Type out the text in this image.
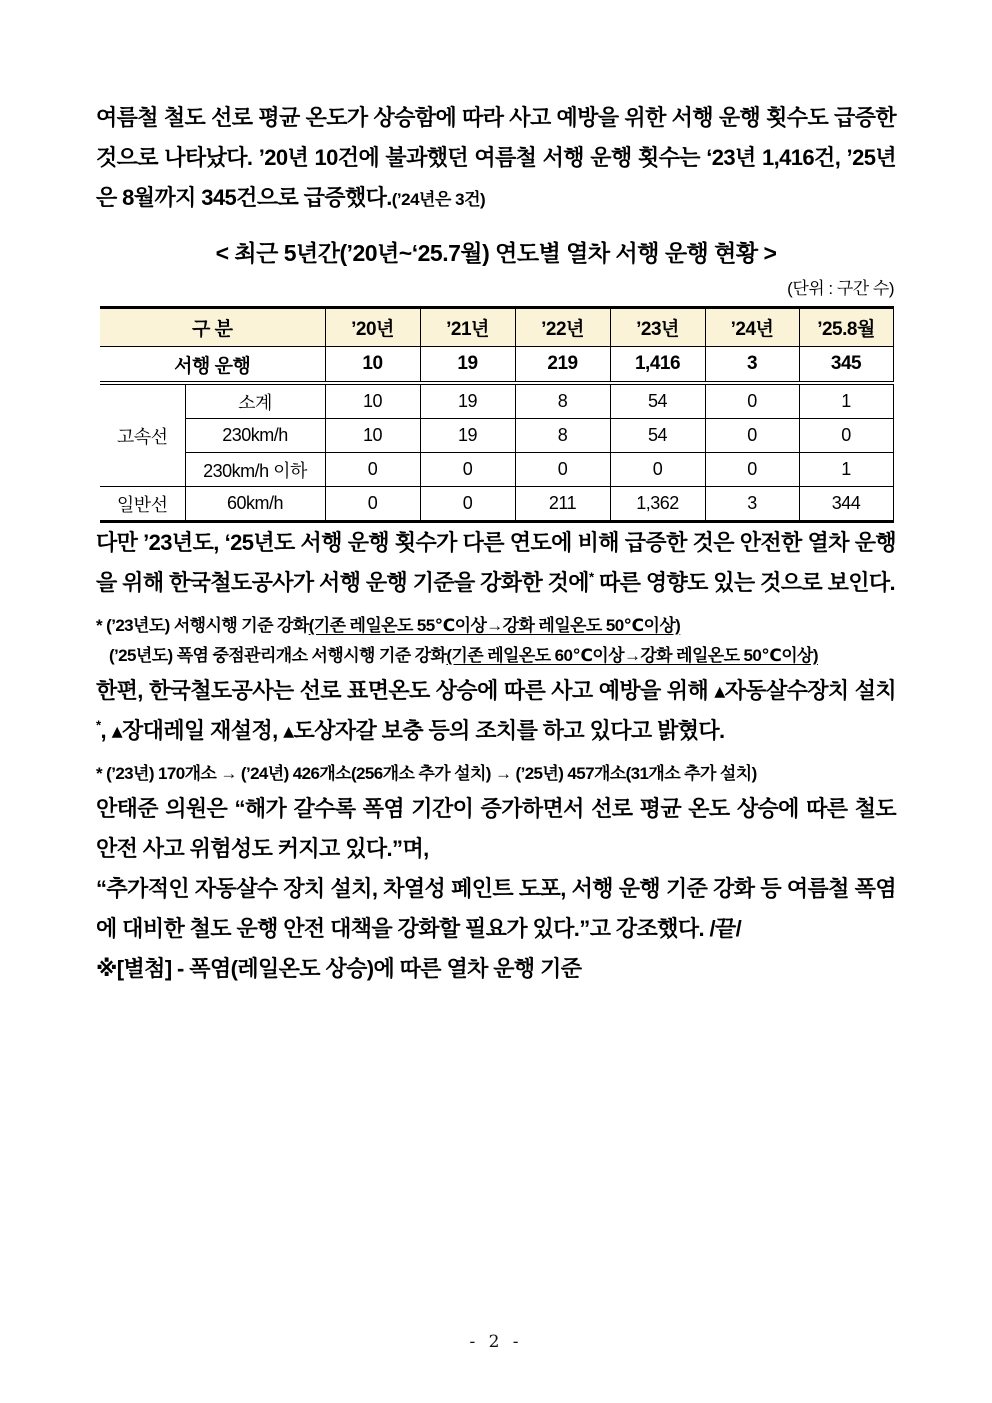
여름철 철도 선로 평균 온도가 상승함에 따라 사고 예방을 위한 서행 운행 횟수도 급증한 것으로 나타났다. ’20년 10건에 불과했던 여름철 서행 운행 횟수는 ‘23년 1,416건, ’25년은 8월까지 345건으로 급증했다.(’24년은 3건)

< 최근 5년간(’20년~‘25.7월) 연도별 열차 서행 운행 현황 >

(단위 : 구간 수)

구 분		’20년	’21년	’22년	’23년	’24년	’25.8월
서행 운행		10	19	219	1,416	3	345
고속선	소계	10	19	8	54	0	1
	230km/h	10	19	8	54	0	0
	230km/h 이하	0	0	0	0	0	1
일반선	60km/h	0	0	211	1,362	3	344

다만 ’23년도, ‘25년도 서행 운행 횟수가 다른 연도에 비해 급증한 것은 안전한 열차 운행을 위해 한국철도공사가 서행 운행 기준을 강화한 것에* 따른 영향도 있는 것으로 보인다.

* (’23년도) 서행시행 기준 강화(기존 레일온도 55℃이상→강화 레일온도 50℃이상)
(’25년도) 폭염 중점관리개소 서행시행 기준 강화(기존 레일온도 60℃이상→강화 레일온도 50℃이상)

한편, 한국철도공사는 선로 표면온도 상승에 따른 사고 예방을 위해 ▴자동살수장치 설치*, ▴장대레일 재설정, ▴도상자갈 보충 등의 조치를 하고 있다고 밝혔다.

* (’23년) 170개소 → (’24년) 426개소(256개소 추가 설치) → (’25년) 457개소(31개소 추가 설치)

안태준 의원은 “해가 갈수록 폭염 기간이 증가하면서 선로 평균 온도 상승에 따른 철도 안전 사고 위험성도 커지고 있다.”며,

“추가적인 자동살수 장치 설치, 차열성 페인트 도포, 서행 운행 기준 강화 등 여름철 폭염에 대비한 철도 운행 안전 대책을 강화할 필요가 있다.”고 강조했다. /끝/

※[별첨] - 폭염(레일온도 상승)에 따른 열차 운행 기준

- 2 -
